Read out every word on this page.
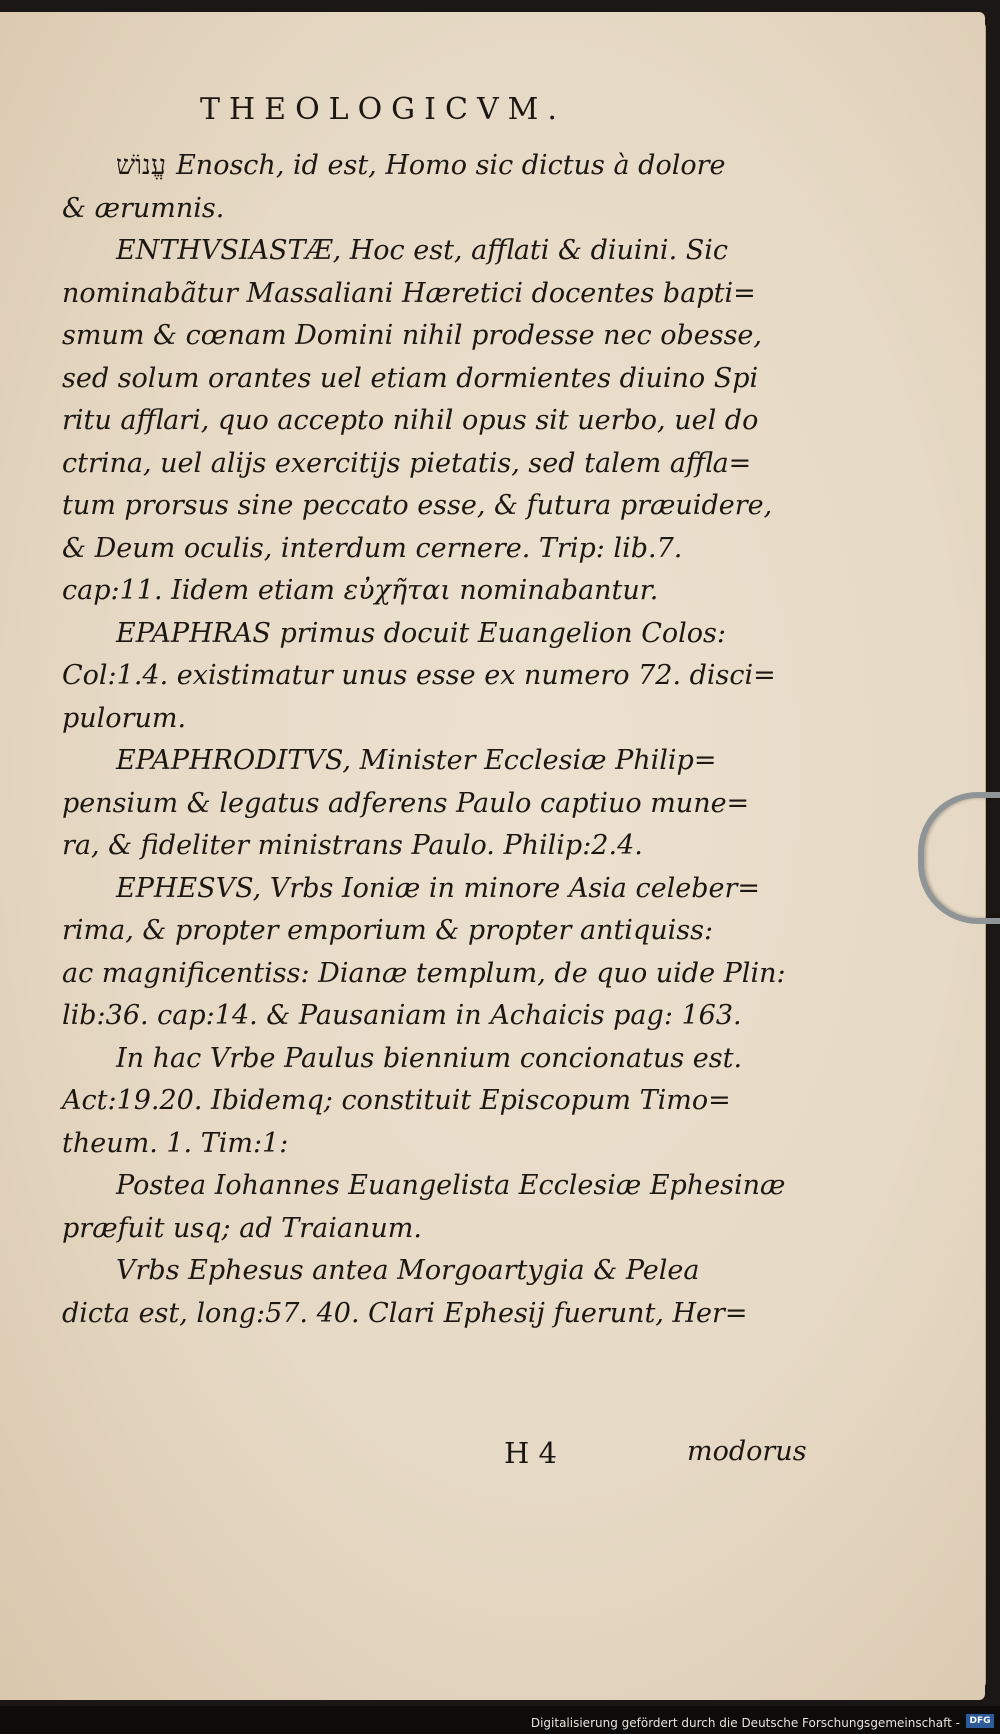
THEOLOGICVM.
עֱנוֹשׁ Enosch, id est, Homo sic dictus à dolore
& ærumnis.
ENTHVSIASTÆ, Hoc est, afflati & diuini. Sic
nominabãtur Massaliani Hæretici docentes bapti=
smum & cœnam Domini nihil prodesse nec obesse,
sed solum orantes uel etiam dormientes diuino Spi
ritu afflari, quo accepto nihil opus sit uerbo, uel do
ctrina, uel alijs exercitijs pietatis, sed talem affla=
tum prorsus sine peccato esse, & futura præuidere,
& Deum oculis, interdum cernere. Trip: lib.7.
cap:11. Iidem etiam εὐχῆται nominabantur.
EPAPHRAS primus docuit Euangelion Colos:
Col:1.4. existimatur unus esse ex numero 72. disci=
pulorum.
EPAPHRODITVS, Minister Ecclesiæ Philip=
pensium & legatus adferens Paulo captiuo mune=
ra, & fideliter ministrans Paulo. Philip:2.4.
EPHESVS, Vrbs Ioniæ in minore Asia celeber=
rima, & propter emporium & propter antiquiss:
ac magnificentiss: Dianæ templum, de quo uide Plin:
lib:36. cap:14. & Pausaniam in Achaicis pag: 163.
In hac Vrbe Paulus biennium concionatus est.
Act:19.20. Ibidemq; constituit Episcopum Timo=
theum. 1. Tim:1:
Postea Iohannes Euangelista Ecclesiæ Ephesinæ
præfuit usq; ad Traianum.
Vrbs Ephesus antea Morgoartygia & Pelea
dicta est, long:57. 40. Clari Ephesij fuerunt, Her=
H 4	modorus
Digitalisierung gefördert durch die Deutsche Forschungsgemeinschaft -	DFG
